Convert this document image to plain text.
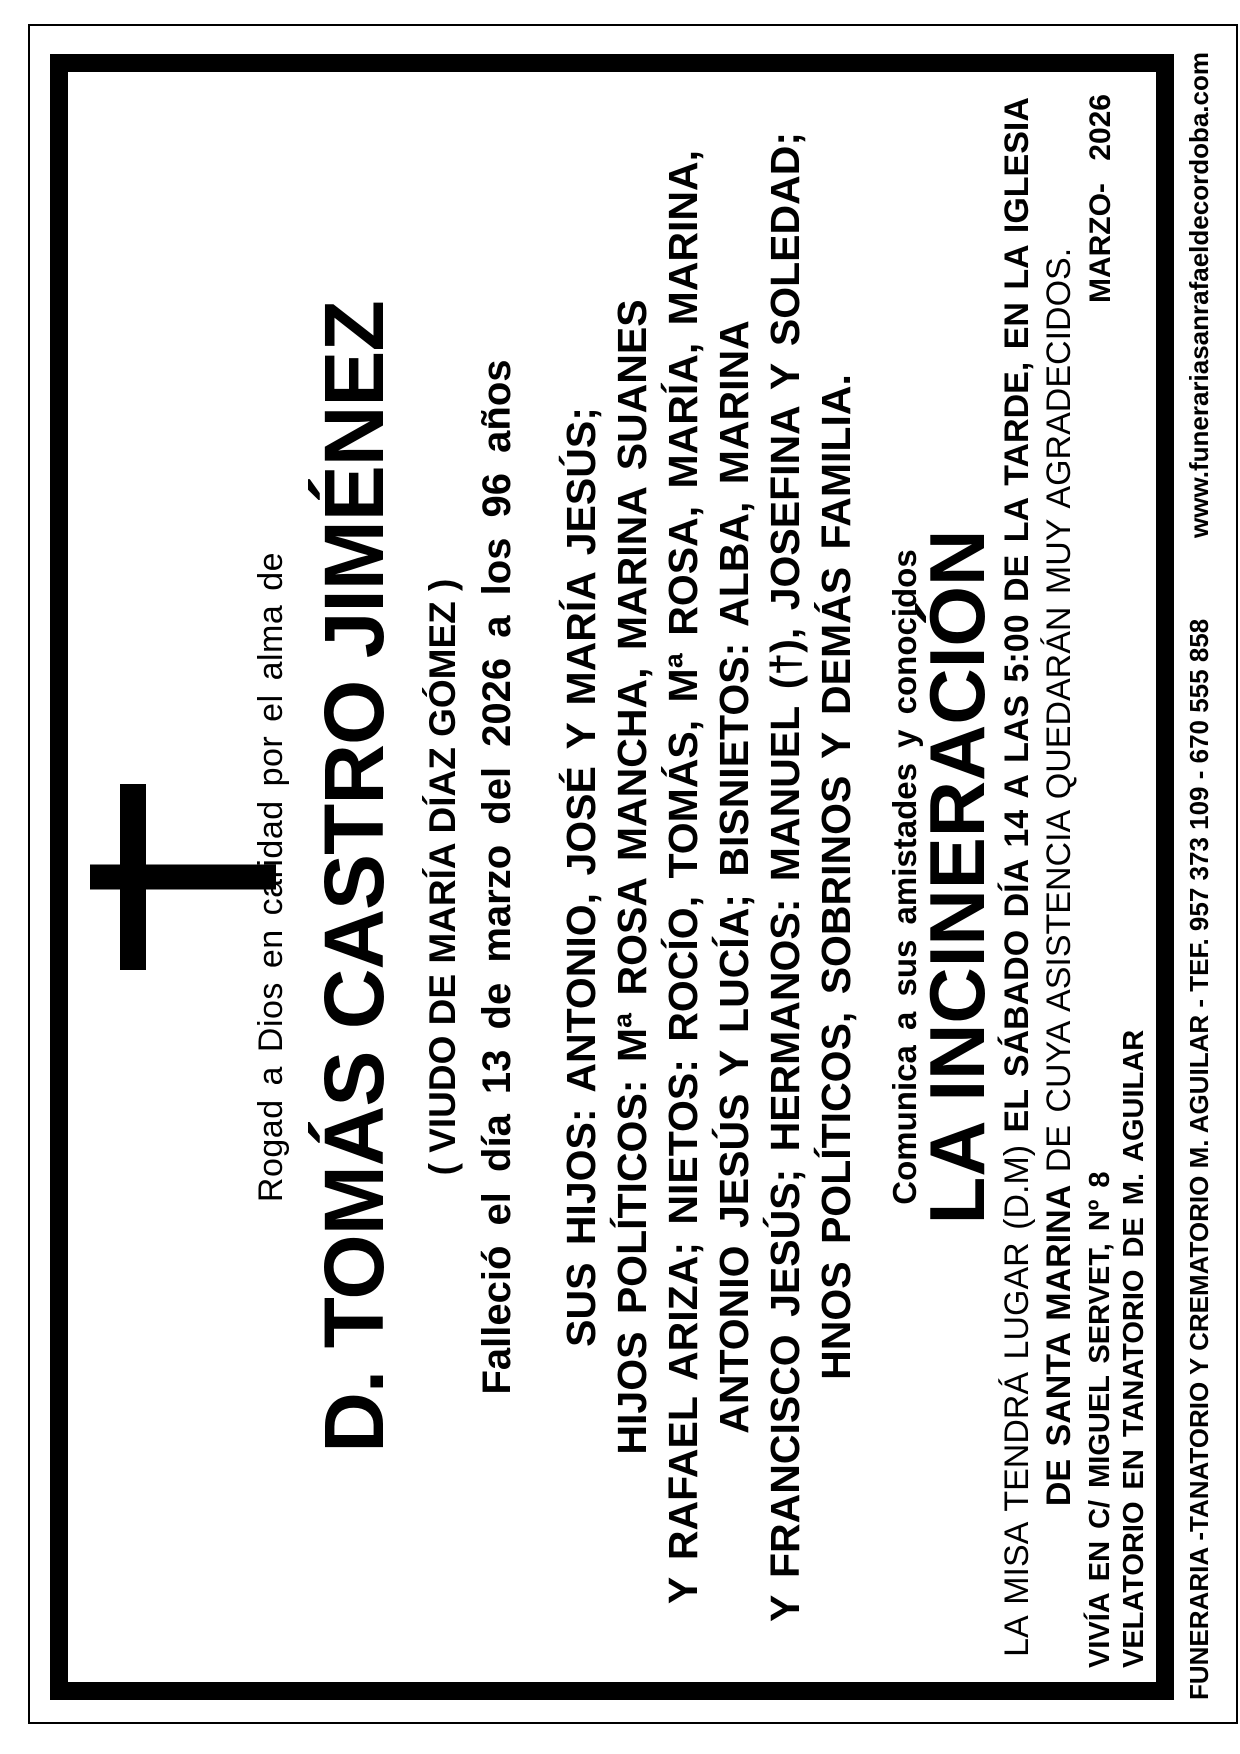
Rogad a Dios en caridad por el alma de D. TOMÁS CASTRO JIMÉNEZ ( VIUDO DE MARÍA DÍAZ GÓMEZ ) Falleció el día 13 de marzo del 2026 a los 96 años SUS HIJOS: ANTONIO, JOSÉ Y MARÍA JESÚS; HIJOS POLÍTICOS: Mª ROSA MANCHA, MARINA SUANES Y RAFAEL ARIZA; NIETOS: ROCÍO, TOMÁS, Mª ROSA, MARÍA, MARINA, ANTONIO JESÚS Y LUCÍA; BISNIETOS: ALBA, MARINA Y FRANCISCO JESÚS; HERMANOS: MANUEL (†), JOSEFINA Y SOLEDAD; HNOS POLÍTICOS, SOBRINOS Y DEMÁS FAMILIA. Comunica a sus amistades y conocidos
LA INCINERACIÓN
LA MISA TENDRÁ LUGAR (D.M) EL SÁBADO DÍA 14 A LAS 5:00 DE LA TARDE, EN LA IGLESIA
DE SANTA MARINA DE CUYA ASISTENCIA QUEDARÁN MUY AGRADECIDOS.
VIVÍA EN C/ MIGUEL SERVET, Nº 8 VELATORIO EN TANATORIO DE M. AGUILAR
MARZO- 2026
FUNERARIA -TANATORIO Y CREMATORIO M. AGUILAR - TEF. 957 373 109 - 670 555 858
www.funerariasanrafaeldecordoba.com
